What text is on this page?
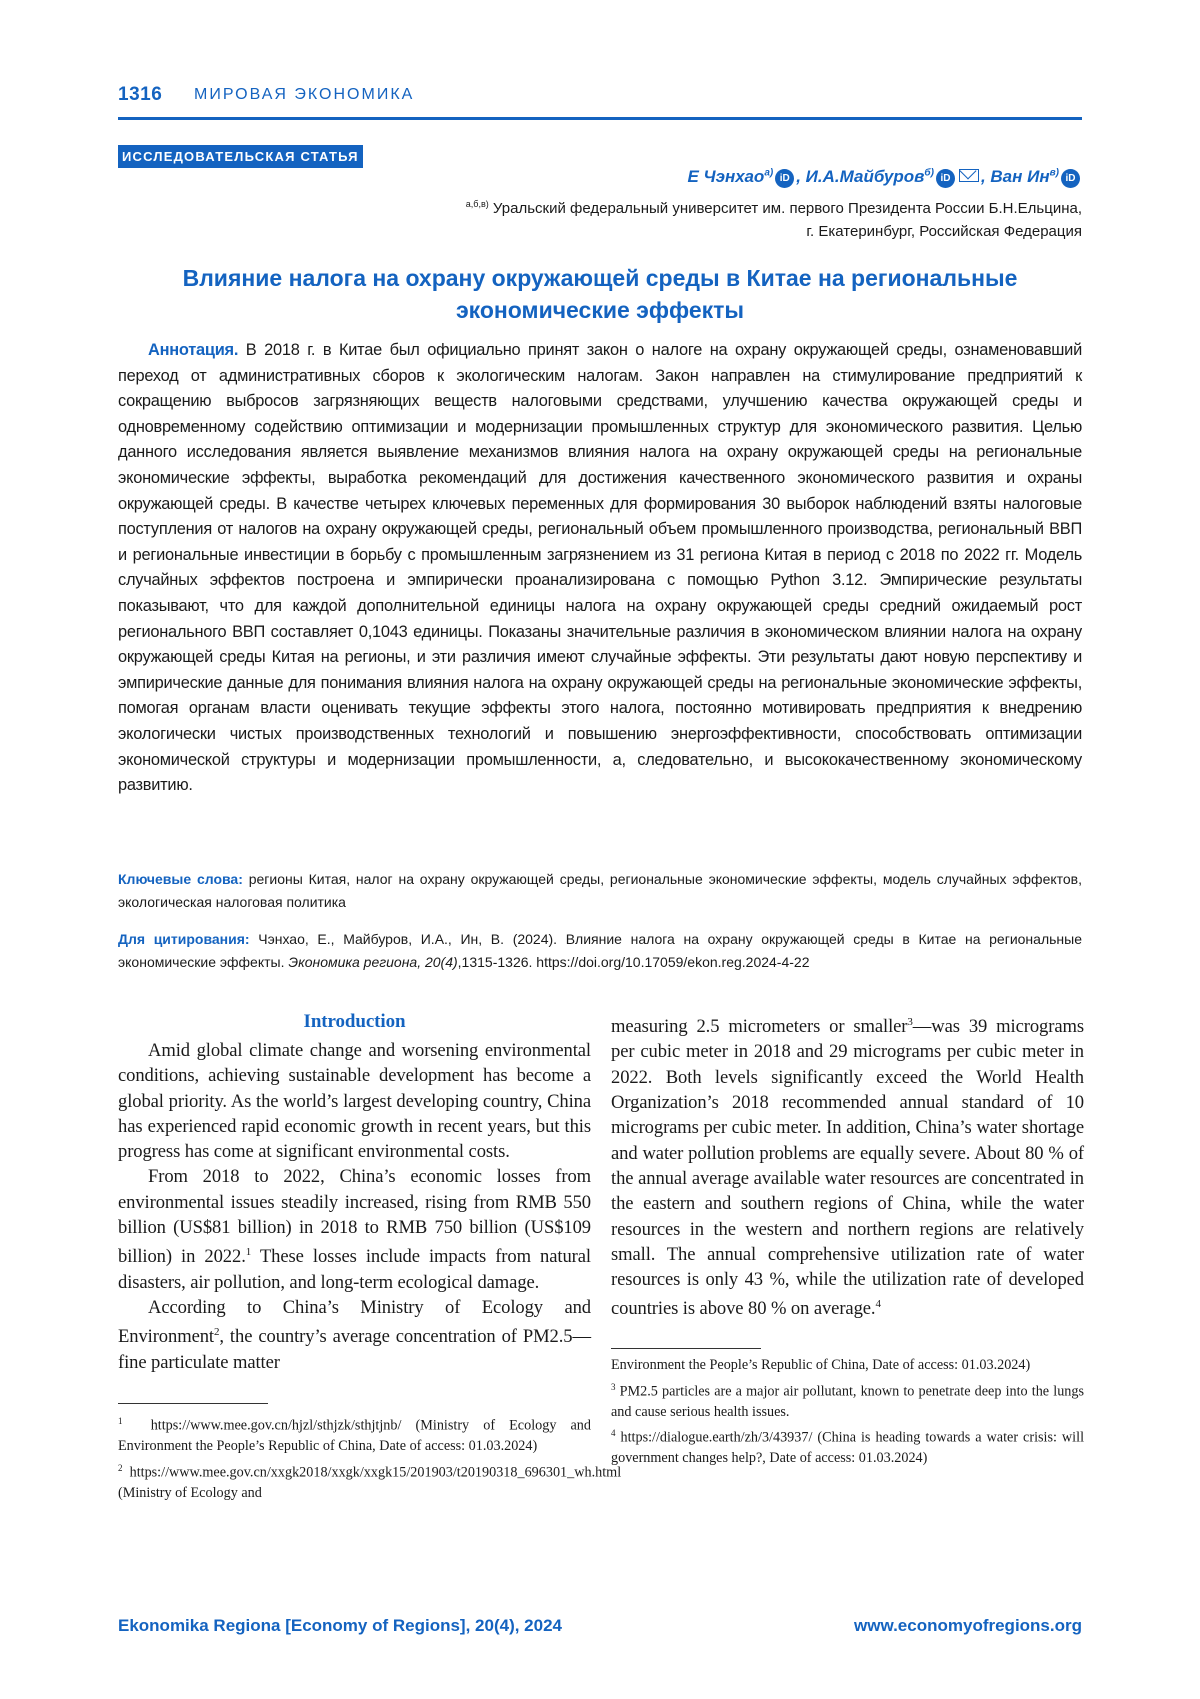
1316 МИРОВАЯ ЭКОНОМИКА
ИССЛЕДОВАТЕЛЬСКАЯ СТАТЬЯ
Е Чэнхао$^{а)}$iD , И.А.Майбуров$^{б)}$iD , Ван $Ин^{в)}iD$
$^{а,б,в)}$ Уральский федеральный университет им. первого Президента России Б.Н.Ельцина,
г. Екатеринбург, Российская Федерация
Влияние налога на охрану окружающей среды в Китае на региональные экономические эффекты
Аннотация. В 2018 г. в Китае был официально принят закон о налоге на охрану окружающей среды, ознаменовавший переход от административных сборов к экологическим налогам. Закон направлен на стимулирование предприятий к сокращению выбросов загрязняющих веществ налоговыми средствами, улучшению качества окружающей среды и одновременному содействию оптимизации и модернизации промышленных структур для экономического развития. Целью данного исследования является выявление механизмов влияния налога на охрану окружающей среды на региональные экономические эффекты, выработка рекомендаций для достижения качественного экономического развития и охраны окружающей среды. В качестве четырех ключевых переменных для формирования 30 выборок наблюдений взяты налоговые поступления от налогов на охрану окружающей среды, региональный объем промышленного производства, региональный ВВП и региональные инвестиции в борьбу с промышленным загрязнением из 31 региона Китая в период с 2018 по 2022 гг. Модель случайных эффектов построена и эмпирически проанализирована с помощью Python 3.12. Эмпирические результаты показывают, что для каждой дополнительной единицы налога на охрану окружающей среды средний ожидаемый рост регионального ВВП составляет 0,1043 единицы. Показаны значительные различия в экономическом влиянии налога на охрану окружающей среды Китая на регионы, и эти различия имеют случайные эффекты. Эти результаты дают новую перспективу и эмпирические данные для понимания влияния налога на охрану окружающей среды на региональные экономические эффекты, помогая органам власти оценивать текущие эффекты этого налога, постоянно мотивировать предприятия к внедрению экологически чистых производственных технологий и повышению энергоэффективности, способствовать оптимизации экономической структуры и модернизации промышленности, а, следовательно, и высококачественному экономическому развитию.
Ключевые слова: регионы Китая, налог на охрану окружающей среды, региональные экономические эффекты, модель случайных эффектов, экологическая налоговая политика
Для цитирования: Чэнхао, Е., Майбуров, И.А., Ин, В. (2024). Влияние налога на охрану окружающей среды в Китае на региональные экономические эффекты. Экономика региона, 20(4),1315-1326. https://doi.org/10.17059/ekon.reg.2024-4-22
Introduction

Amid global climate change and worsening environmental conditions, achieving sustainable development has become a global priority. As the world’s largest developing country, China has experienced rapid economic growth in recent years, but this progress has come at significant environmental costs.

From 2018 to 2022, China’s economic losses from environmental issues steadily increased, rising from RMB 550 billion (US$81 billion) in 2018 to RMB 750 billion (US$109 billion) in 2022.$^1$ These losses include impacts from natural disasters, air pollution, and long-term ecological damage.

According to China’s Ministry of Ecology and Environment$^2$, the country’s average concentration of PM2.5—fine particulate matter

measuring 2.5 micrometers or smaller$^3$—was 39 micrograms per cubic meter in 2018 and 29 micrograms per cubic meter in 2022. Both levels significantly exceed the World Health Organization’s 2018 recommended annual standard of 10 micrograms per cubic meter. In addition, China’s water shortage and water pollution problems are equally severe. About 80 % of the annual average available water resources are concentrated in the eastern and southern regions of China, while the water resources in the western and northern regions are relatively small. The annual comprehensive utilization rate of water resources is only 43 %, while the utilization rate of developed countries is above 80 % on average.$^4$

$^1$ https://www.mee.gov.cn/hjzl/sthjzk/sthjtjnb/ (Ministry of Ecology and Environment the People’s Republic of China, Date of access: 01.03.2024)

$^2$ https://www.mee.gov.cn/xxgk2018/xxgk/xxgk15/201903/t20190318_696301_wh.html (Ministry of Ecology and

Environment the People’s Republic of China, Date of access: 01.03.2024)

$^3$ PM2.5 particles are a major air pollutant, known to penetrate deep into the lungs and cause serious health issues.

$^4$ https://dialogue.earth/zh/3/43937/ (China is heading towards a water crisis: will government changes help?, Date of access: 01.03.2024)

Ekonomika Regiona [Economy of Regions], 20(4), 2024	www.economyofregions.org
